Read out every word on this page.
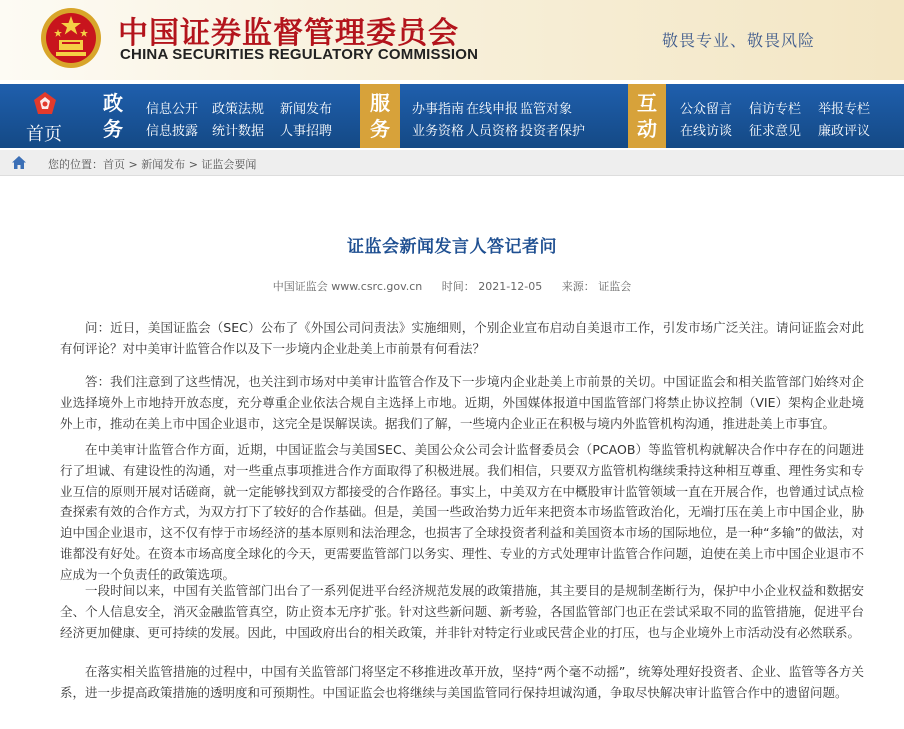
中国证券监督管理委员会
CHINA SECURITIES REGULATORY COMMISSION
敬畏专业、敬畏风险
首页
政务
信息公开 政策法规 新闻发布
信息披露 统计数据 人事招聘
服务
办事指南 在线申报 监管对象
业务资格 人员资格 投资者保护
互动
公众留言 信访专栏 举报专栏
在线访谈 征求意见 廉政评议
您的位置：首页 > 新闻发布 > 证监会要闻
证监会新闻发言人答记者问
中国证监会 www.csrc.gov.cn 时间： 2021-12-05 来源： 证监会

问：近日，美国证监会（SEC）公布了《外国公司问责法》实施细则，个别企业宣布启动自美退市工作，引发市场广泛关注。请问证监会对此有何评论？对中美审计监管合作以及下一步境内企业赴美上市前景有何看法？

答：我们注意到了这些情况，也关注到市场对中美审计监管合作及下一步境内企业赴美上市前景的关切。中国证监会和相关监管部门始终对企业选择境外上市地持开放态度，充分尊重企业依法合规自主选择上市地。近期，外国媒体报道中国监管部门将禁止协议控制（VIE）架构企业赴境外上市，推动在美上市中国企业退市，这完全是误解误读。据我们了解，一些境内企业正在积极与境内外监管机构沟通，推进赴美上市事宜。

在中美审计监管合作方面，近期，中国证监会与美国SEC、美国公众公司会计监督委员会（PCAOB）等监管机构就解决合作中存在的问题进行了坦诚、有建设性的沟通，对一些重点事项推进合作方面取得了积极进展。我们相信，只要双方监管机构继续秉持这种相互尊重、理性务实和专业互信的原则开展对话磋商，就一定能够找到双方都接受的合作路径。事实上，中美双方在中概股审计监管领域一直在开展合作，也曾通过试点检查探索有效的合作方式，为双方打下了较好的合作基础。但是，美国一些政治势力近年来把资本市场监管政治化，无端打压在美上市中国企业，胁迫中国企业退市，这不仅有悖于市场经济的基本原则和法治理念，也损害了全球投资者利益和美国资本市场的国际地位，是一种“多输”的做法，对谁都没有好处。在资本市场高度全球化的今天，更需要监管部门以务实、理性、专业的方式处理审计监管合作问题，迫使在美上市中国企业退市不应成为一个负责任的政策选项。

一段时间以来，中国有关监管部门出台了一系列促进平台经济规范发展的政策措施，其主要目的是规制垄断行为，保护中小企业权益和数据安全、个人信息安全，消灭金融监管真空，防止资本无序扩张。针对这些新问题、新考验，各国监管部门也正在尝试采取不同的监管措施，促进平台经济更加健康、更可持续的发展。因此，中国政府出台的相关政策，并非针对特定行业或民营企业的打压，也与企业境外上市活动没有必然联系。

在落实相关监管措施的过程中，中国有关监管部门将坚定不移推进改革开放，坚持“两个毫不动摇”，统筹处理好投资者、企业、监管等各方关系，进一步提高政策措施的透明度和可预期性。中国证监会也将继续与美国监管同行保持坦诚沟通，争取尽快解决审计监管合作中的遗留问题。
